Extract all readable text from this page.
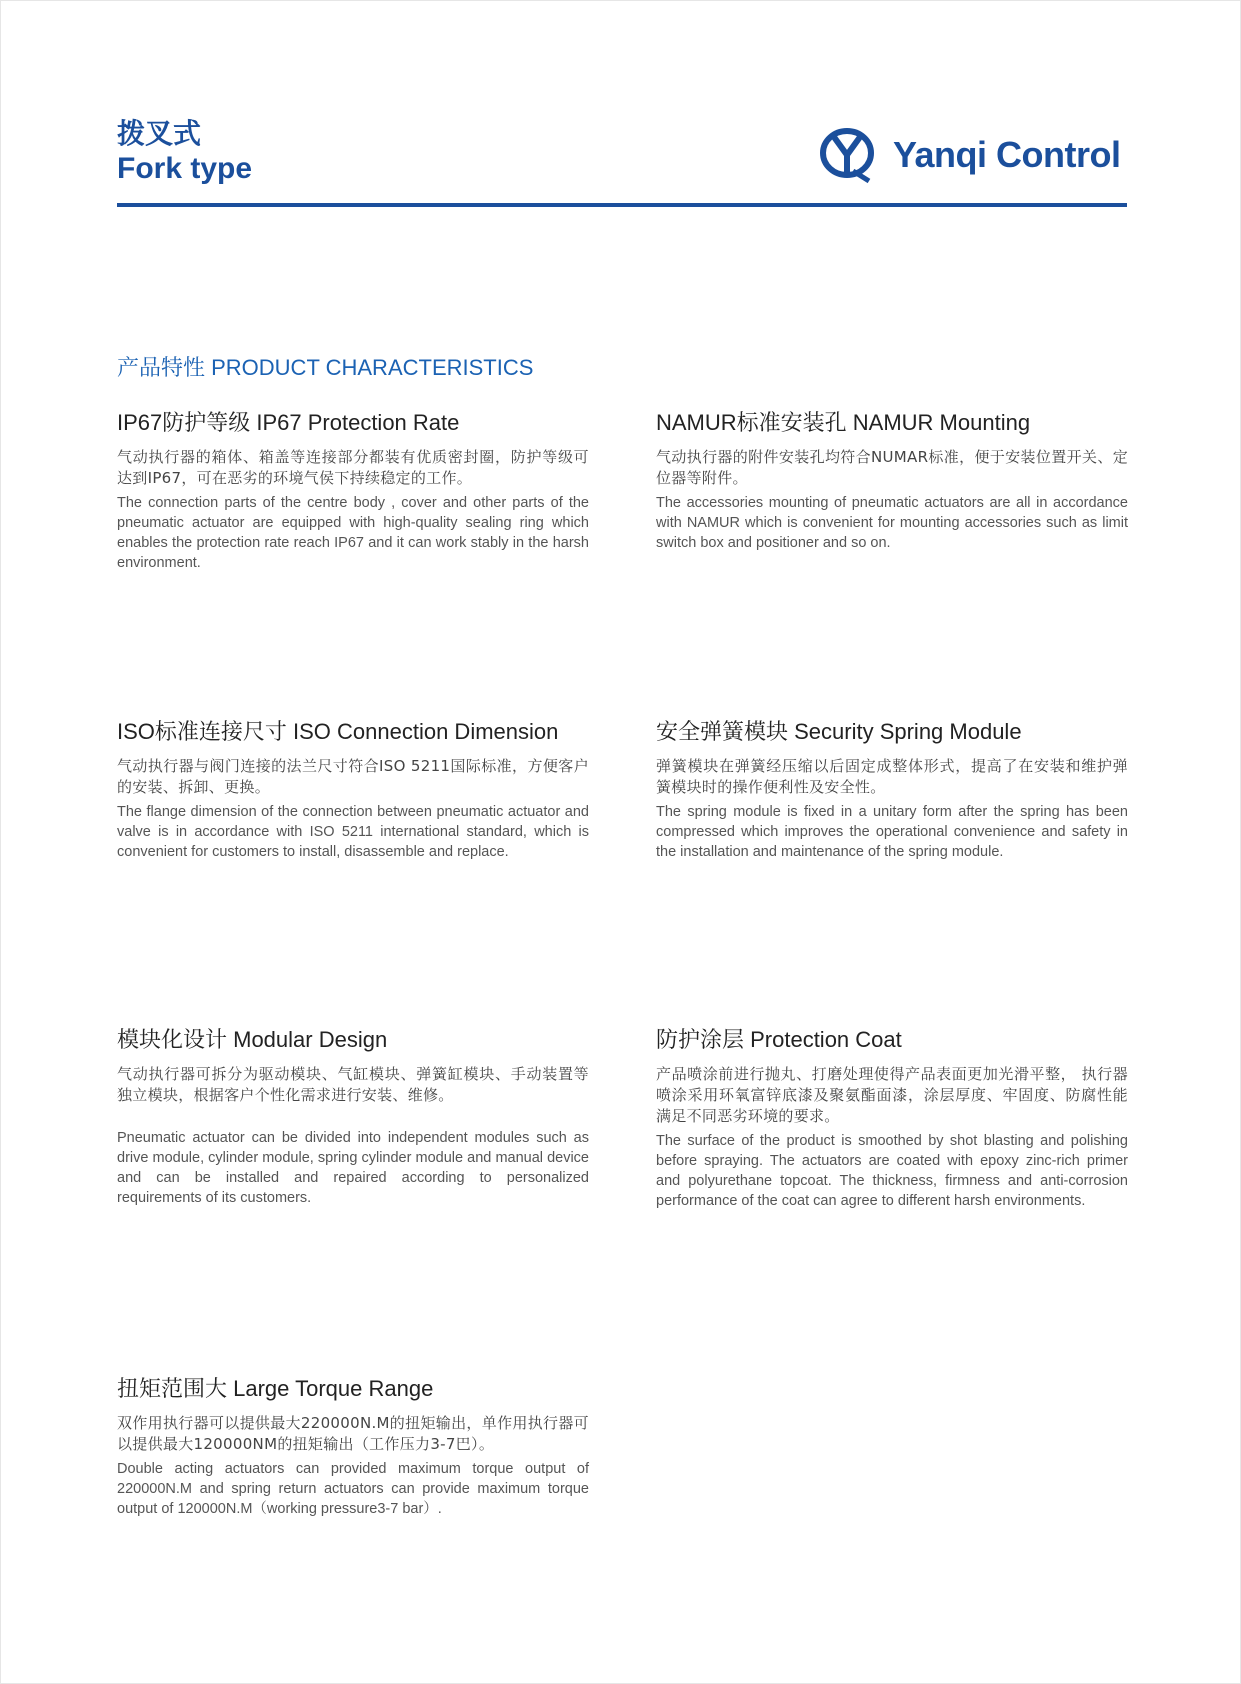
拨叉式
Fork type	Yanqi Control
产品特性 PRODUCT CHARACTERISTICS
IP67防护等级 IP67 Protection Rate
气动执行器的箱体、箱盖等连接部分都装有优质密封圈，防护等级可达到IP67，可在恶劣的环境气侯下持续稳定的工作。
The connection parts of the centre body , cover and other parts of the pneumatic actuator are equipped with high-quality sealing ring which enables the protection rate reach IP67 and it can work stably in the harsh environment.
NAMUR标准安装孔 NAMUR Mounting
气动执行器的附件安装孔均符合NUMAR标准，便于安装位置开关、定位器等附件。
The accessories mounting of pneumatic actuators are all in accordance with NAMUR which is convenient for mounting accessories such as limit switch box and positioner and so on.
ISO标准连接尺寸 ISO Connection Dimension
气动执行器与阀门连接的法兰尺寸符合ISO 5211国际标准，方便客户的安装、拆卸、更换。
The flange dimension of the connection between pneumatic actuator and valve is in accordance with ISO 5211 international standard, which is convenient for customers to install, disassemble and replace.
安全弹簧模块 Security Spring Module
弹簧模块在弹簧经压缩以后固定成整体形式，提高了在安装和维护弹簧模块时的操作便利性及安全性。
The spring module is fixed in a unitary form after the spring has been compressed which improves the operational convenience and safety in the installation and maintenance of the spring module.
模块化设计 Modular Design
气动执行器可拆分为驱动模块、气缸模块、弹簧缸模块、手动装置等独立模块，根据客户个性化需求进行安装、维修。
Pneumatic actuator can be divided into independent modules such as drive module, cylinder module, spring cylinder module and manual device and can be installed and repaired according to personalized requirements of its customers.
防护涂层 Protection Coat
产品喷涂前进行抛丸、打磨处理使得产品表面更加光滑平整， 执行器喷涂采用环氧富锌底漆及聚氨酯面漆，涂层厚度、牢固度、防腐性能满足不同恶劣环境的要求。
The surface of the product is smoothed by shot blasting and polishing before spraying. The actuators are coated with epoxy zinc-rich primer and polyurethane topcoat. The thickness, firmness and anti-corrosion performance of the coat can agree to different harsh environments.
扭矩范围大 Large Torque Range
双作用执行器可以提供最大220000N.M的扭矩输出，单作用执行器可以提供最大120000NM的扭矩输出（工作压力3-7巴）。
Double acting actuators can provided maximum torque output of 220000N.M and spring return actuators can provide maximum torque output of 120000N.M（working pressure3-7 bar）.
